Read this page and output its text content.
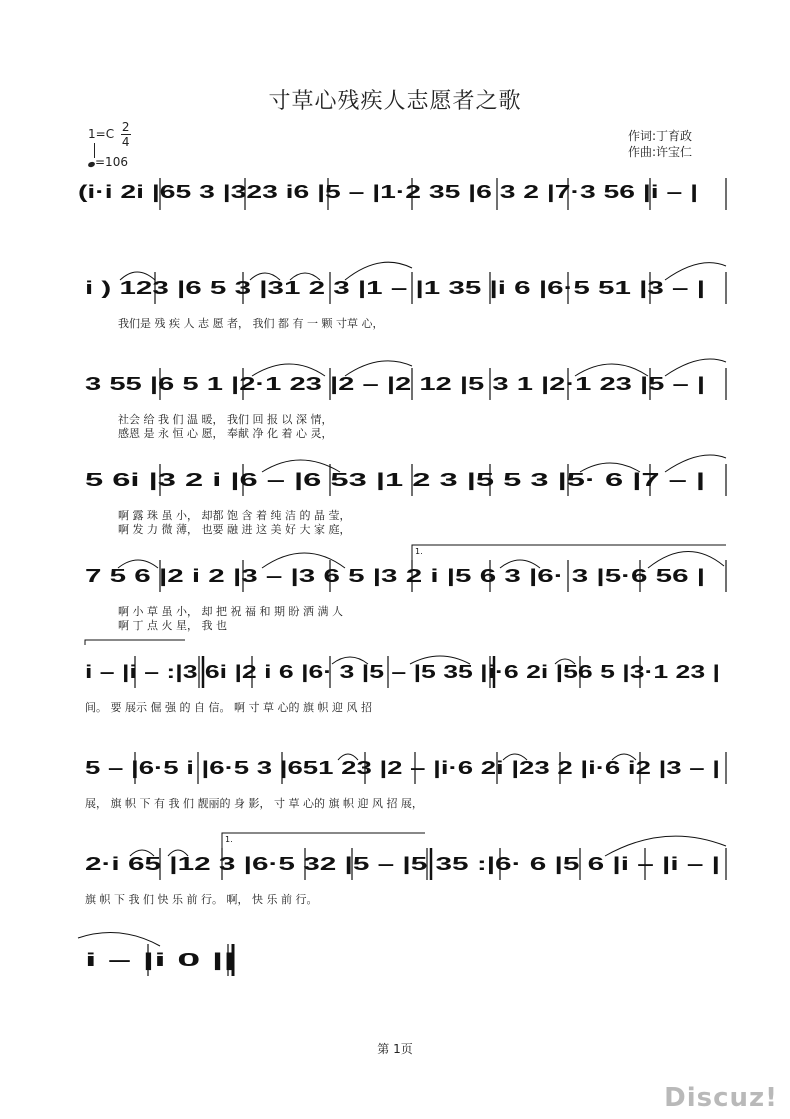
寸草心残疾人志愿者之歌
$1=C \frac{2}{4}$
=106
作词:丁育政
作曲:许宝仁
(i·i 2i |65 3 |323 i6 |5 – |1·2 35 |6 3 2 |7·3 56 |i – |
i ) 123 |6 5 3 |31 2 3 |1 – |1 35 |i 6 |6·5 51 |3 – |
我们是 残 疾 人 志 愿 者， 我们 都 有 一 颗 寸草 心，
3 55 |6 5 1 |2·1 23 |2 – |2 12 |5 3 1 |2·1 23 |5 – |
社会 给 我 们 温 暖， 我们 回 报 以 深 情，
感恩 是 永 恒 心 愿， 奉献 净 化 着 心 灵，
5 6i |3 2 i |6 – |6 53 |1 2 3 |5 5 3 |5· 6 |7 – |
啊 露 珠 虽 小， 却都 饱 含 着 纯 洁 的 晶 莹，
啊 发 力 微 薄， 也要 融 进 这 美 好 大 家 庭，
1.
7 5 6 |2 i 2 |3 – |3 6 5 |3 2 i |5 6 3 |6· 3 |5·6 56 |
啊 小 草 虽 小， 却 把 祝 福 和 期 盼 洒 满 人
啊 丁 点 火 星， 我 也
i – |i – :|3 6i |2 i 6 |6· 3 |5 – |5 35 |i·6 2i |56 5 |3·1 23 |
间。 要 展示 倔 强 的 自 信。 啊 寸 草 心的 旗 帜 迎 风 招
5 – |6·5 i |6·5 3 |651 23 |2 – |i·6 2i |23 2 |i·6 i2 |3 – |
展， 旗 帜 下 有 我 们 靓丽的 身 影， 寸 草 心的 旗 帜 迎 风 招 展，
1.
2·i 65 |12 3 |6·5 32 |5 – |5 35 :|6· 6 |5 6 |i – |i – |
旗 帜 下 我 们 快 乐 前 行。 啊， 快 乐 前 行。
i – |i 0 ||
第 1页
Discuz!
